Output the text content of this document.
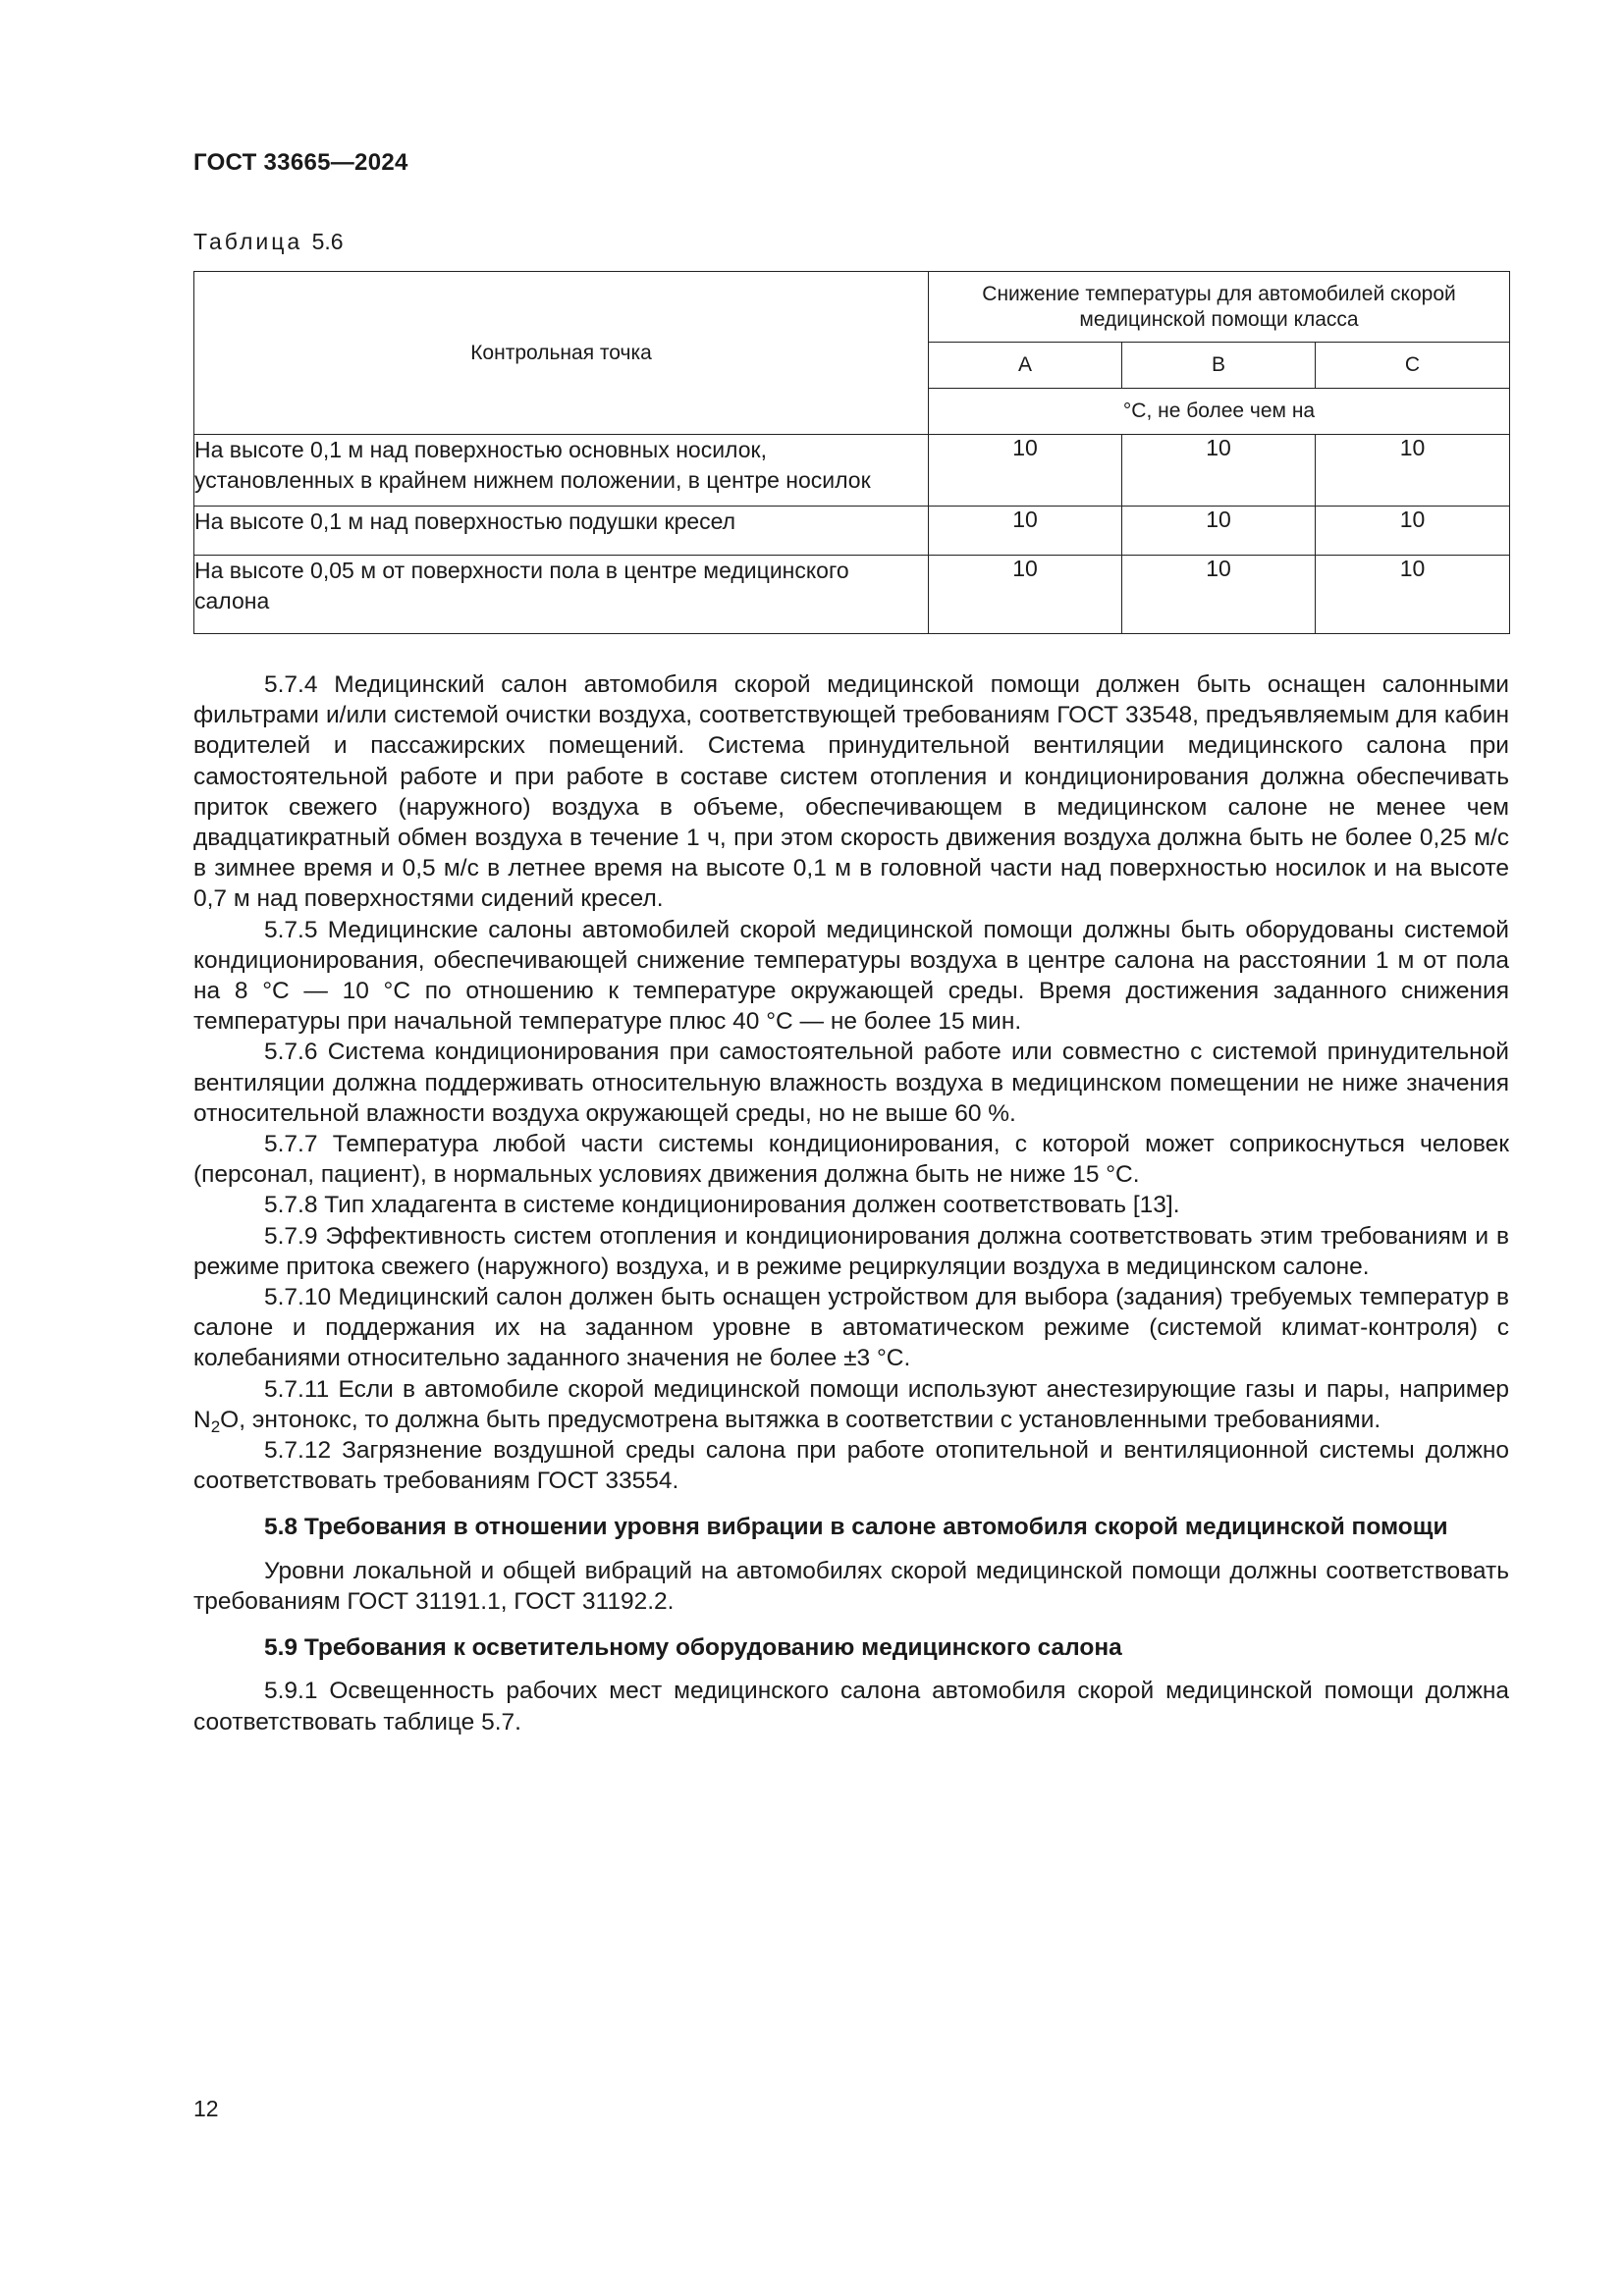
ГОСТ 33665—2024
Таблица 5.6
Контрольная точка	Снижение температуры для автомобилей скорой медицинской помощи класса		
	A	B	C
	°С, не более чем на		
На высоте 0,1 м над поверхностью основных носилок, установленных в крайнем нижнем положении, в центре носилок	10	10	10
На высоте 0,1 м над поверхностью подушки кресел	10	10	10
На высоте 0,05 м от поверхности пола в центре медицинского салона	10	10	10

5.7.4 Медицинский салон автомобиля скорой медицинской помощи должен быть оснащен салонными фильтрами и/или системой очистки воздуха, соответствующей требованиям ГОСТ 33548, предъявляемым для кабин водителей и пассажирских помещений. Система принудительной вентиляции медицинского салона при самостоятельной работе и при работе в составе систем отопления и кондиционирования должна обеспечивать приток свежего (наружного) воздуха в объеме, обеспечивающем в медицинском салоне не менее чем двадцатикратный обмен воздуха в течение 1 ч, при этом скорость движения воздуха должна быть не более 0,25 м/с в зимнее время и 0,5 м/с в летнее время на высоте 0,1 м в головной части над поверхностью носилок и на высоте 0,7 м над поверхностями сидений кресел.

5.7.5 Медицинские салоны автомобилей скорой медицинской помощи должны быть оборудованы системой кондиционирования, обеспечивающей снижение температуры воздуха в центре салона на расстоянии 1 м от пола на 8 °С — 10 °С по отношению к температуре окружающей среды. Время достижения заданного снижения температуры при начальной температуре плюс 40 °С — не более 15 мин.

5.7.6 Система кондиционирования при самостоятельной работе или совместно с системой принудительной вентиляции должна поддерживать относительную влажность воздуха в медицинском помещении не ниже значения относительной влажности воздуха окружающей среды, но не выше 60 %.

5.7.7 Температура любой части системы кондиционирования, с которой может соприкоснуться человек (персонал, пациент), в нормальных условиях движения должна быть не ниже 15 °С.

5.7.8 Тип хладагента в системе кондиционирования должен соответствовать [13].

5.7.9 Эффективность систем отопления и кондиционирования должна соответствовать этим требованиям и в режиме притока свежего (наружного) воздуха, и в режиме рециркуляции воздуха в медицинском салоне.

5.7.10 Медицинский салон должен быть оснащен устройством для выбора (задания) требуемых температур в салоне и поддержания их на заданном уровне в автоматическом режиме (системой климат-контроля) с колебаниями относительно заданного значения не более ±3 °С.

5.7.11 Если в автомобиле скорой медицинской помощи используют анестезирующие газы и пары, например $N_2O$, энтонокс, то должна быть предусмотрена вытяжка в соответствии с установленными требованиями.

5.7.12 Загрязнение воздушной среды салона при работе отопительной и вентиляционной системы должно соответствовать требованиям ГОСТ 33554.

5.8 Требования в отношении уровня вибрации в салоне автомобиля скорой медицинской помощи

Уровни локальной и общей вибраций на автомобилях скорой медицинской помощи должны соответствовать требованиям ГОСТ 31191.1, ГОСТ 31192.2.

5.9 Требования к осветительному оборудованию медицинского салона

5.9.1 Освещенность рабочих мест медицинского салона автомобиля скорой медицинской помощи должна соответствовать таблице 5.7.

12
